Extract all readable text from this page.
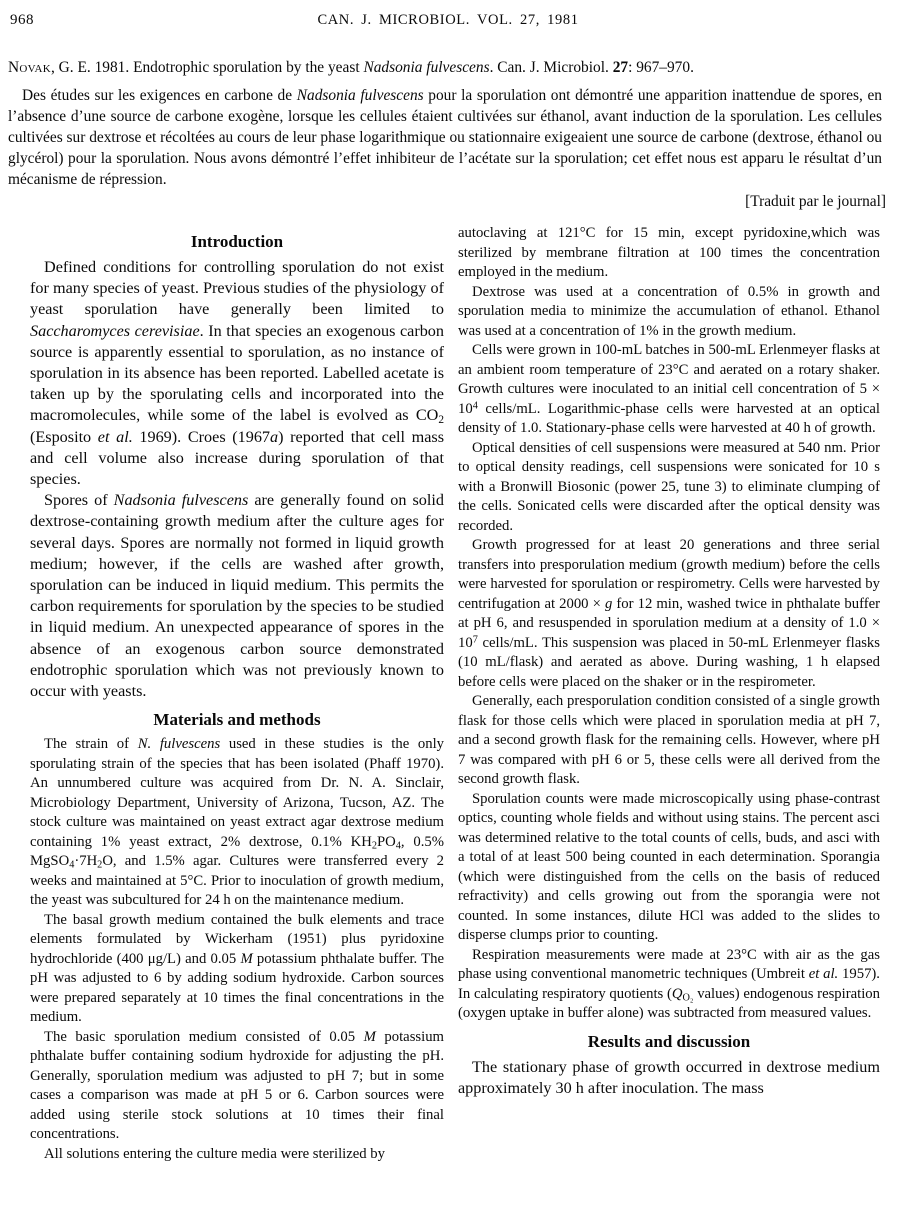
968	CAN. J. MICROBIOL. VOL. 27, 1981
Novak, G. E. 1981. Endotrophic sporulation by the yeast Nadsonia fulvescens. Can. J. Microbiol. 27: 967–970.

Des études sur les exigences en carbone de Nadsonia fulvescens pour la sporulation ont démontré une apparition inattendue de spores, en l’absence d’une source de carbone exogène, lorsque les cellules étaient cultivées sur éthanol, avant induction de la sporulation. Les cellules cultivées sur dextrose et récoltées au cours de leur phase logarithmique ou stationnaire exigeaient une source de carbone (dextrose, éthanol ou glycérol) pour la sporulation. Nous avons démontré l’effet inhibiteur de l’acétate sur la sporulation; cet effet nous est apparu le résultat d’un mécanisme de répression.

[Traduit par le journal]
Introduction

Defined conditions for controlling sporulation do not exist for many species of yeast. Previous studies of the physiology of yeast sporulation have generally been limited to Saccharomyces cerevisiae. In that species an exogenous carbon source is apparently essential to sporulation, as no instance of sporulation in its absence has been reported. Labelled acetate is taken up by the sporulating cells and incorporated into the macromolecules, while some of the label is evolved as $CO_2$ (Esposito et al. 1969). Croes (1967a) reported that cell mass and cell volume also increase during sporulation of that species.

Spores of Nadsonia fulvescens are generally found on solid dextrose-containing growth medium after the culture ages for several days. Spores are normally not formed in liquid growth medium; however, if the cells are washed after growth, sporulation can be induced in liquid medium. This permits the carbon requirements for sporulation by the species to be studied in liquid medium. An unexpected appearance of spores in the absence of an exogenous carbon source demonstrated endotrophic sporulation which was not previously known to occur with yeasts.

Materials and methods

The strain of N. fulvescens used in these studies is the only sporulating strain of the species that has been isolated (Phaff 1970). An unnumbered culture was acquired from Dr. N. A. Sinclair, Microbiology Department, University of Arizona, Tucson, AZ. The stock culture was maintained on yeast extract agar dextrose medium containing 1% yeast extract, 2% dextrose, 0.1% $KH_2PO_4$, 0.5% $MgSO_4\cdot 7H_2O$, and 1.5% agar. Cultures were transferred every 2 weeks and maintained at 5°C. Prior to inoculation of growth medium, the yeast was subcultured for 24 h on the maintenance medium.

The basal growth medium contained the bulk elements and trace elements formulated by Wickerham (1951) plus pyridoxine hydrochloride (400 μg/L) and 0.05 M potassium phthalate buffer. The pH was adjusted to 6 by adding sodium hydroxide. Carbon sources were prepared separately at 10 times the final concentrations in the medium.

The basic sporulation medium consisted of 0.05 M potassium phthalate buffer containing sodium hydroxide for adjusting the pH. Generally, sporulation medium was adjusted to pH 7; but in some cases a comparison was made at pH 5 or 6. Carbon sources were added using sterile stock solutions at 10 times their final concentrations.

All solutions entering the culture media were sterilized by

autoclaving at 121°C for 15 min, except pyridoxine,which was sterilized by membrane filtration at 100 times the concentration employed in the medium.

Dextrose was used at a concentration of 0.5% in growth and sporulation media to minimize the accumulation of ethanol. Ethanol was used at a concentration of 1% in the growth medium.

Cells were grown in 100-mL batches in 500-mL Erlenmeyer flasks at an ambient room temperature of 23°C and aerated on a rotary shaker. Growth cultures were inoculated to an initial cell concentration of $5 \times 10^4$ cells/mL. Logarithmic-phase cells were harvested at an optical density of 1.0. Stationary-phase cells were harvested at 40 h of growth.

Optical densities of cell suspensions were measured at 540 nm. Prior to optical density readings, cell suspensions were sonicated for 10 s with a Bronwill Biosonic (power 25, tune 3) to eliminate clumping of the cells. Sonicated cells were discarded after the optical density was recorded.

Growth progressed for at least 20 generations and three serial transfers into presporulation medium (growth medium) before the cells were harvested for sporulation or respirometry. Cells were harvested by centrifugation at 2000 × g for 12 min, washed twice in phthalate buffer at pH 6, and resuspended in sporulation medium at a density of $1.0 \times 10^7$ cells/mL. This suspension was placed in 50-mL Erlenmeyer flasks (10 mL/flask) and aerated as above. During washing, 1 h elapsed before cells were placed on the shaker or in the respirometer.

Generally, each presporulation condition consisted of a single growth flask for those cells which were placed in sporulation media at pH 7, and a second growth flask for the remaining cells. However, where pH 7 was compared with pH 6 or 5, these cells were all derived from the second growth flask.

Sporulation counts were made microscopically using phase-contrast optics, counting whole fields and without using stains. The percent asci was determined relative to the total counts of cells, buds, and asci with a total of at least 500 being counted in each determination. Sporangia (which were distinguished from the cells on the basis of reduced refractivity) and cells growing out from the sporangia were not counted. In some instances, dilute HCl was added to the slides to disperse clumps prior to counting.

Respiration measurements were made at 23°C with air as the gas phase using conventional manometric techniques (Umbreit et al. 1957). In calculating respiratory quotients ($Q_{O_2}$ values) endogenous respiration (oxygen uptake in buffer alone) was subtracted from measured values.

Results and discussion

The stationary phase of growth occurred in dextrose medium approximately 30 h after inoculation. The mass
